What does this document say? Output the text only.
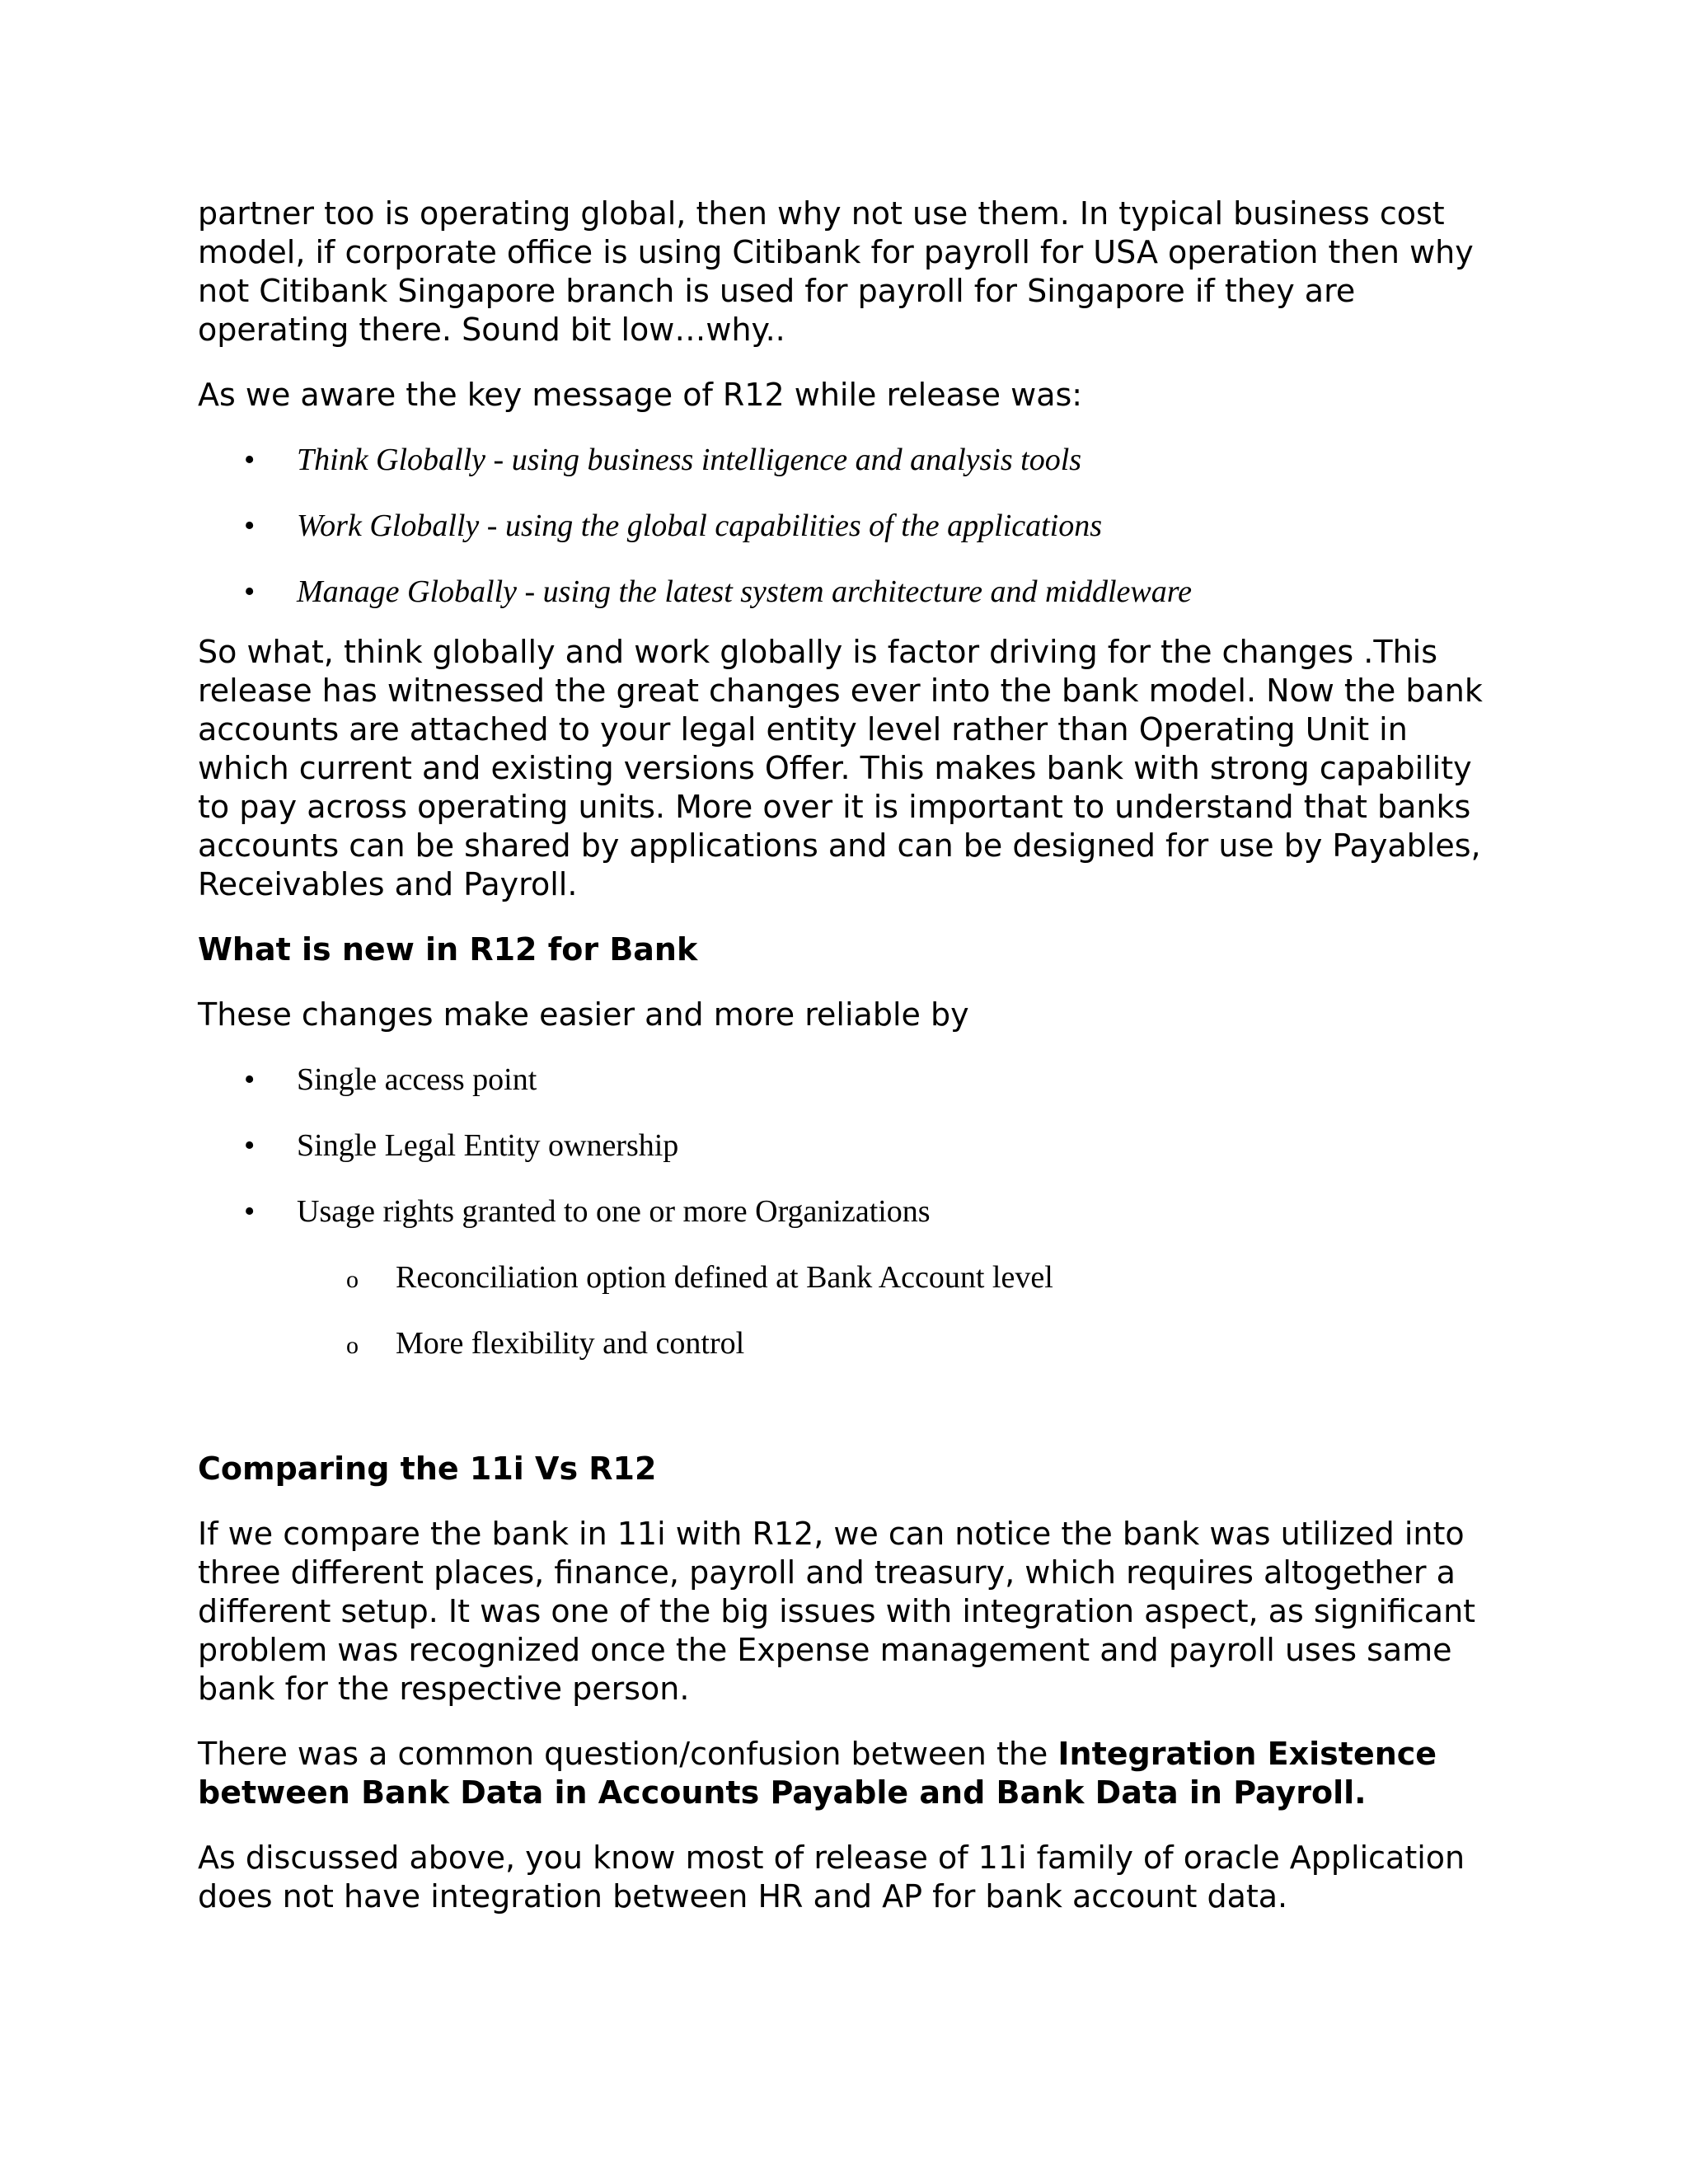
partner too is operating global, then why not use them. In typical business cost model, if corporate office is using Citibank for payroll for USA operation then why not Citibank Singapore branch is used for payroll for Singapore if they are operating there. Sound bit low…why..

As we aware the key message of R12 while release was:

• Think Globally - using business intelligence and analysis tools
• Work Globally - using the global capabilities of the applications
• Manage Globally - using the latest system architecture and middleware

So what, think globally and work globally is factor driving for the changes .This release has witnessed the great changes ever into the bank model. Now the bank accounts are attached to your legal entity level rather than Operating Unit in which current and existing versions Offer. This makes bank with strong capability to pay across operating units. More over it is important to understand that banks accounts can be shared by applications and can be designed for use by Payables, Receivables and Payroll.

What is new in R12 for Bank

These changes make easier and more reliable by

• Single access point
• Single Legal Entity ownership
• Usage rights granted to one or more Organizations
o Reconciliation option defined at Bank Account level
o More flexibility and control
Comparing the 11i Vs R12

If we compare the bank in 11i with R12, we can notice the bank was utilized into three different places, finance, payroll and treasury, which requires altogether a different setup. It was one of the big issues with integration aspect, as significant problem was recognized once the Expense management and payroll uses same bank for the respective person.

There was a common question/confusion between the Integration Existence between Bank Data in Accounts Payable and Bank Data in Payroll.

As discussed above, you know most of release of 11i family of oracle Application does not have integration between HR and AP for bank account data.
